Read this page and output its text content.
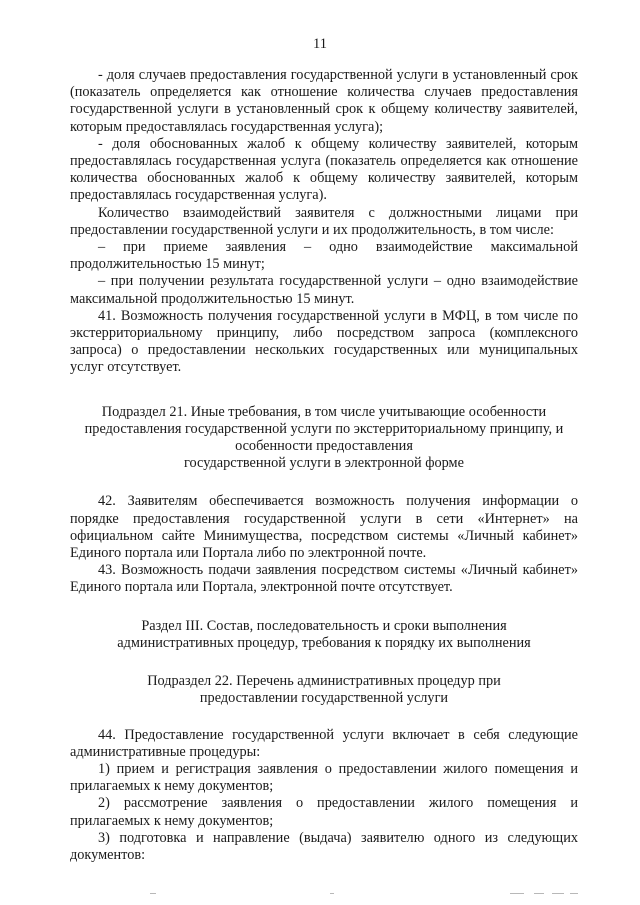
11

- доля случаев предоставления государственной услуги в установленный срок (показатель определяется как отношение количества случаев предоставления государственной услуги в установленный срок к общему количеству заявителей, которым предоставлялась государственная услуга);

- доля обоснованных жалоб к общему количеству заявителей, которым предоставлялась государственная услуга (показатель определяется как отношение количества обоснованных жалоб к общему количеству заявителей, которым предоставлялась государственная услуга).

Количество взаимодействий заявителя с должностными лицами при предоставлении государственной услуги и их продолжительность, в том числе:

– при приеме заявления – одно взаимодействие максимальной продолжительностью 15 минут;

– при получении результата государственной услуги – одно взаимодействие максимальной продолжительностью 15 минут.

41. Возможность получения государственной услуги в МФЦ, в том числе по экстерриториальному принципу, либо посредством запроса (комплексного запроса) о предоставлении нескольких государственных или муниципальных услуг отсутствует.

Подраздел 21. Иные требования, в том числе учитывающие особенности

предоставления государственной услуги по экстерриториальному принципу, и

особенности предоставления

государственной услуги в электронной форме

42. Заявителям обеспечивается возможность получения информации о порядке предоставления государственной услуги в сети «Интернет» на официальном сайте Минимущества, посредством системы «Личный кабинет» Единого портала или Портала либо по электронной почте.

43. Возможность подачи заявления посредством системы «Личный кабинет» Единого портала или Портала, электронной почте отсутствует.

Раздел III. Состав, последовательность и сроки выполнения

административных процедур, требования к порядку их выполнения

Подраздел 22. Перечень административных процедур при

предоставлении государственной услуги

44. Предоставление государственной услуги включает в себя следующие административные процедуры:

1) прием и регистрация заявления о предоставлении жилого помещения и прилагаемых к нему документов;

2) рассмотрение заявления о предоставлении жилого помещения и прилагаемых к нему документов;

3) подготовка и направление (выдача) заявителю одного из следующих документов:
